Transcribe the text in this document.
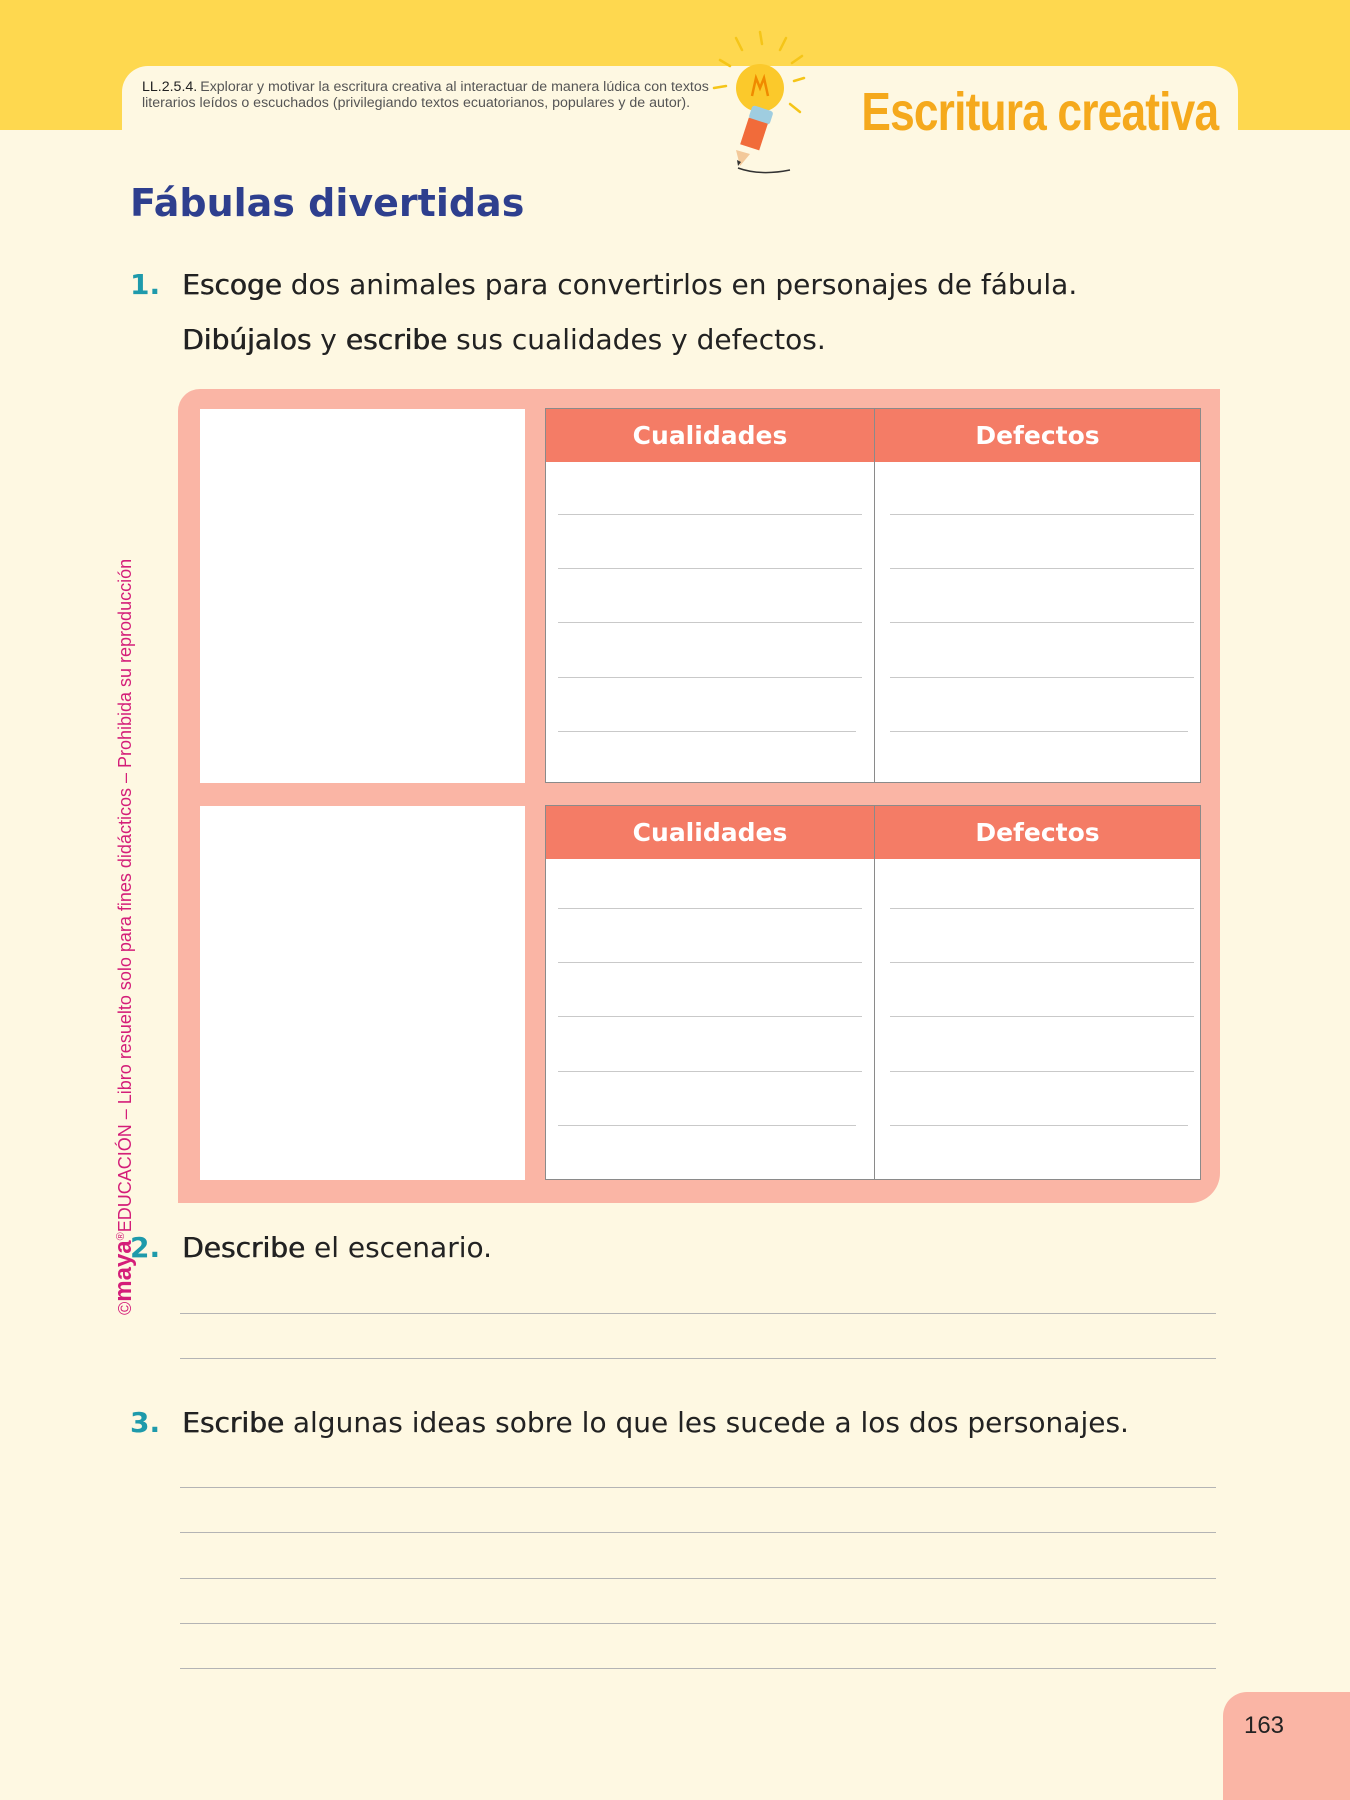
LL.2.5.4. Explorar y motivar la escritura creativa al interactuar de manera lúdica con textos literarios leídos o escuchados (privilegiando textos ecuatorianos, populares y de autor).	Escritura creativa
Fábulas divertidas

1. Escoge dos animales para convertirlos en personajes de fábula.

Dibújalos y escribe sus cualidades y defectos.

Cualidades	Defectos
Cualidades	Defectos

2. Describe el escenario.

3. Escribe algunas ideas sobre lo que les sucede a los dos personajes.

©maya®EDUCACIÓN – Libro resuelto solo para fines didácticos – Prohibida su reproducción

163
